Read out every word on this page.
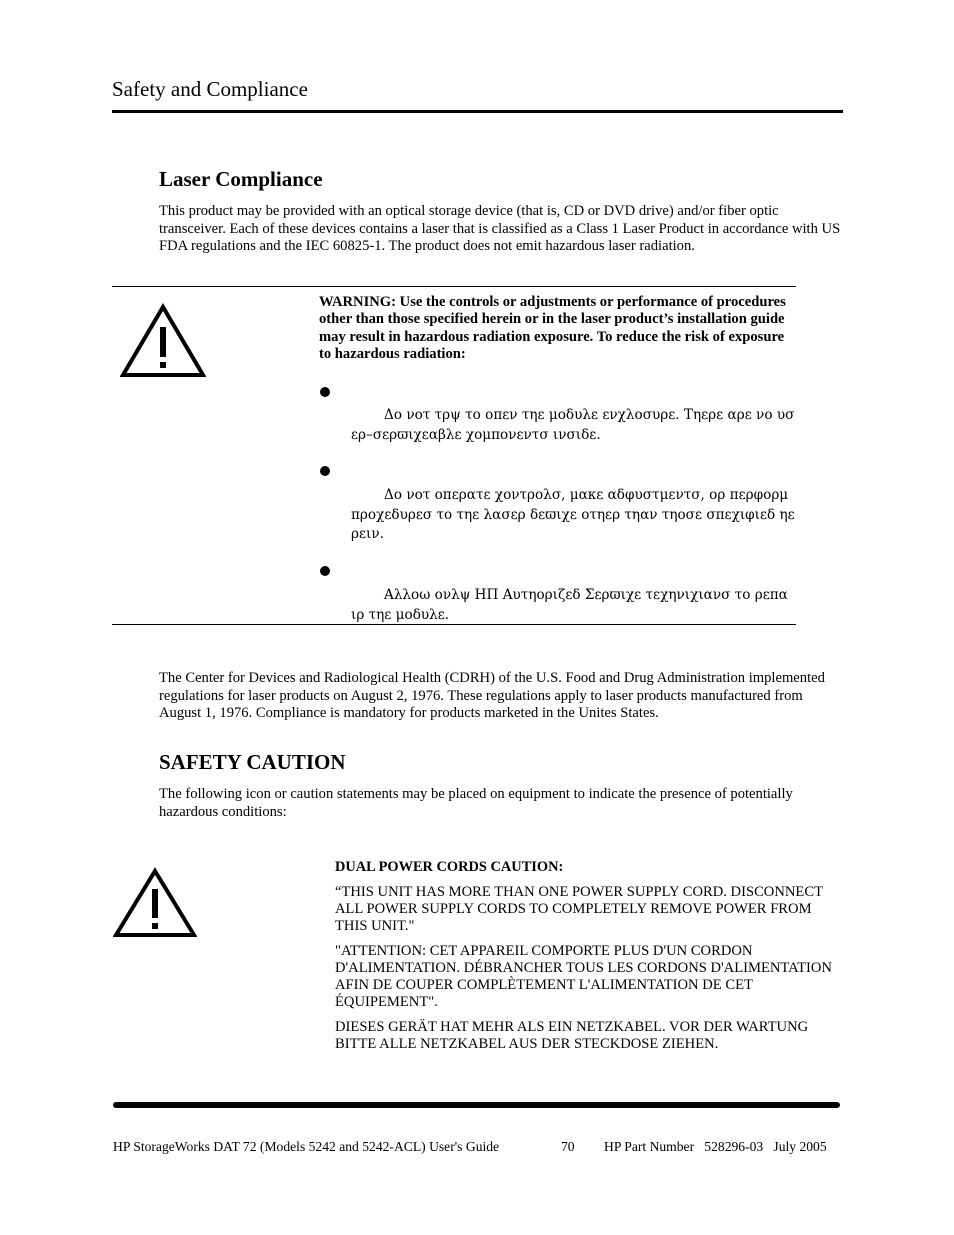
Safety and Compliance
Laser Compliance
This product may be provided with an optical storage device (that is, CD or DVD drive) and/or fiber optic transceiver. Each of these devices contains a laser that is classified as a Class 1 Laser Product in accordance with US FDA regulations and the IEC 60825-1. The product does not emit hazardous laser radiation.
WARNING: Use the controls or adjustments or performance of procedures other than those specified herein or in the laser product’s installation guide may result in hazardous radiation exposure. To reduce the risk of exposure to hazardous radiation:
Δο νοτ τρψ το οπεν τηε μοδυλε ενχλοσυρε. Τηερε αρε νο υσ
ερ–σερϖιχεαβλε χομπονεντσ ινσιδε.
Δο νοτ οπερατε χοντρολσ, μακε αδφυστμεντσ, ορ περφορμ
προχεδυρεσ το τηε λασερ δεϖιχε οτηερ τηαν τηοσε σπεχιφιεδ ηε
ρειν.
Αλλοω ονλψ ΗΠ Αυτηοριζεδ Σερϖιχε τεχηνιχιανσ το ρεπα
ιρ τηε μοδυλε.
The Center for Devices and Radiological Health (CDRH) of the U.S. Food and Drug Administration implemented regulations for laser products on August 2, 1976. These regulations apply to laser products manufactured from August 1, 1976. Compliance is mandatory for products marketed in the Unites States.
SAFETY CAUTION
The following icon or caution statements may be placed on equipment to indicate the presence of potentially hazardous conditions:
DUAL POWER CORDS CAUTION:
“THIS UNIT HAS MORE THAN ONE POWER SUPPLY CORD. DISCONNECT ALL POWER SUPPLY CORDS TO COMPLETELY REMOVE POWER FROM THIS UNIT."
"ATTENTION: CET APPAREIL COMPORTE PLUS D'UN CORDON D'ALIMENTATION. DÉBRANCHER TOUS LES CORDONS D'ALIMENTATION AFIN DE COUPER COMPLÈTEMENT L'ALIMENTATION DE CET ÉQUIPEMENT".
DIESES GERÄT HAT MEHR ALS EIN NETZKABEL. VOR DER WARTUNG BITTE ALLE NETZKABEL AUS DER STECKDOSE ZIEHEN.
HP StorageWorks DAT 72 (Models 5242 and 5242-ACL) User's Guide	70 HP Part Number   528296-03   July 2005
